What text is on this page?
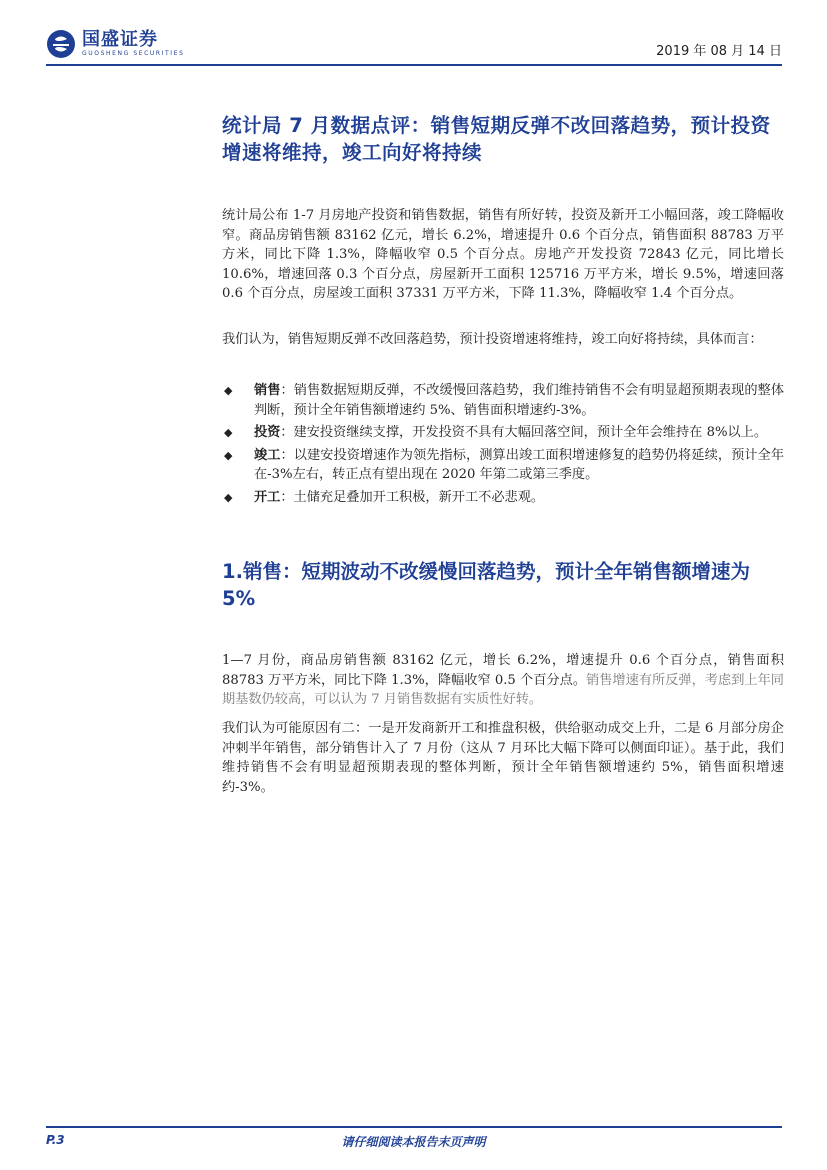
国盛证券
GUOSHENG SECURITIES	2019 年 08 月 14 日
统计局 7 月数据点评：销售短期反弹不改回落趋势，预计投资增速将维持，竣工向好将持续

统计局公布 1-7 月房地产投资和销售数据，销售有所好转，投资及新开工小幅回落，竣工降幅收窄。商品房销售额 83162 亿元，增长 6.2%，增速提升 0.6 个百分点，销售面积 88783 万平方米，同比下降 1.3%，降幅收窄 0.5 个百分点。房地产开发投资 72843 亿元，同比增长 10.6%，增速回落 0.3 个百分点，房屋新开工面积 125716 万平方米，增长 9.5%，增速回落 0.6 个百分点，房屋竣工面积 37331 万平方米，下降 11.3%，降幅收窄 1.4 个百分点。

我们认为，销售短期反弹不改回落趋势，预计投资增速将维持，竣工向好将持续，具体而言：

◆ 销售：销售数据短期反弹，不改缓慢回落趋势，我们维持销售不会有明显超预期表现的整体判断，预计全年销售额增速约 5%、销售面积增速约-3%。
◆ 投资：建安投资继续支撑，开发投资不具有大幅回落空间，预计全年会维持在 8%以上。
◆ 竣工：以建安投资增速作为领先指标，测算出竣工面积增速修复的趋势仍将延续，预计全年在-3%左右，转正点有望出现在 2020 年第二或第三季度。
◆ 开工：土储充足叠加开工积极，新开工不必悲观。
1.销售：短期波动不改缓慢回落趋势，预计全年销售额增速为 5%

1—7 月份，商品房销售额 83162 亿元，增长 6.2%，增速提升 0.6 个百分点，销售面积 88783 万平方米，同比下降 1.3%，降幅收窄 0.5 个百分点。销售增速有所反弹，考虑到上年同期基数仍较高，可以认为 7 月销售数据有实质性好转。

我们认为可能原因有二：一是开发商新开工和推盘积极，供给驱动成交上升，二是 6 月部分房企冲刺半年销售，部分销售计入了 7 月份（这从 7 月环比大幅下降可以侧面印证）。基于此，我们维持销售不会有明显超预期表现的整体判断，预计全年销售额增速约 5%，销售面积增速约-3%。

P.3	请仔细阅读本报告末页声明
